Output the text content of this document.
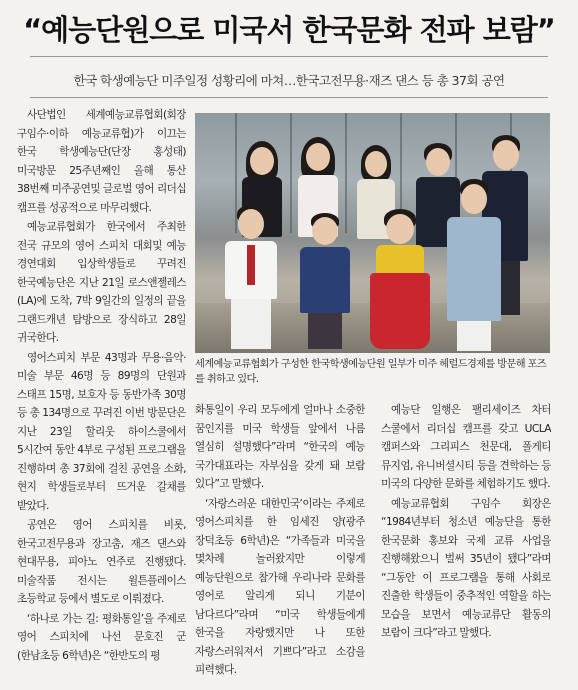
“예능단원으로 미국서 한국문화 전파 보람”
한국 학생예능단 미주일정 성황리에 마쳐…한국고전무용·재즈 댄스 등 총 37회 공연

사단법인 세계예능교류협회(회장 구임수·이하 예능교류협)가 이끄는 한국 학생예능단(단장 홍성태) 미국방문 25주년째인 올해 통산 38번째 미주공연및 글로벌 영어 리더십 캠프를 성공적으로 마무리했다.

예능교류협회가 한국에서 주최한 전국 규모의 영어 스피치 대회및 예능 경연대회 입상학생들로 꾸려진 한국예능단은 지난 21일 로스앤젤레스(LA)에 도착, 7박 9일간의 일정의 끝을 그랜드캐년 탐방으로 장식하고 28일 귀국한다.

영어스피치 부문 43명과 무용·음악·미술 부문 46명 등 89명의 단원과 스태프 15명, 보호자 등 동반가족 30명 등 총 134명으로 꾸려진 이번 방문단은 지난 23일 할리웃 하이스쿨에서 5시간여 동안 4부로 구성된 프로그램을 진행하며 총 37회에 걸친 공연을 소화, 현지 학생들로부터 뜨거운 갈채를 받았다.

공연은 영어 스피치를 비롯, 한국고전무용과 장고춤, 재즈 댄스와 현대무용, 피아노 연주로 진행됐다. 미술작품 전시는 윌튼플레이스 초등학교 등에서 별도로 이뤄졌다.

‘하나로 가는 길: 평화통일’을 주제로 영어 스피치에 나선 문호진 군(한남초등 6학년)은 “한반도의 평

세계예능교류협회가 구성한 한국학생예능단원 일부가 미주 헤럴드경제를 방문해 포즈를 취하고 있다.

화통일이 우리 모두에게 얼마나 소중한 꿈인지를 미국 학생들 앞에서 나름 열심히 설명했다”라며 “한국의 예능 국가대표라는 자부심을 갖게 돼 보람 있다”고 말했다.

‘자랑스러운 대한민국’이라는 주제로 영어스피치를 한 임세진 양(광주 장덕초등 6학년)은 “가족들과 미국을 몇차례 놀러왔지만 이렇게 예능단원으로 참가해 우리나라 문화를 영어로 알리게 되니 기분이 남다르다”라며 “미국 학생들에게 한국을 자랑했지만 나 또한 자랑스러워져서 기쁘다”라고 소감을 피력했다.

예능단 일행은 팰리세이즈 차터 스쿨에서 리더십 캠프를 갖고 UCLA 캠퍼스와 그리피스 천문대, 폴게티 뮤지엄, 유니버셜시티 등을 견학하는 등 미국의 다양한 문화를 체험하기도 했다.

예능교류협회 구임수 회장은 “1984년부터 청소년 예능단을 통한 한국문화 홍보와 국제 교류 사업을 진행해왔으니 벌써 35년이 됐다”라며 “그동안 이 프로그램을 통해 사회로 진출한 학생들이 중추적인 역할을 하는 모습을 보면서 예능교류단 활동의 보람이 크다”라고 말했다.
